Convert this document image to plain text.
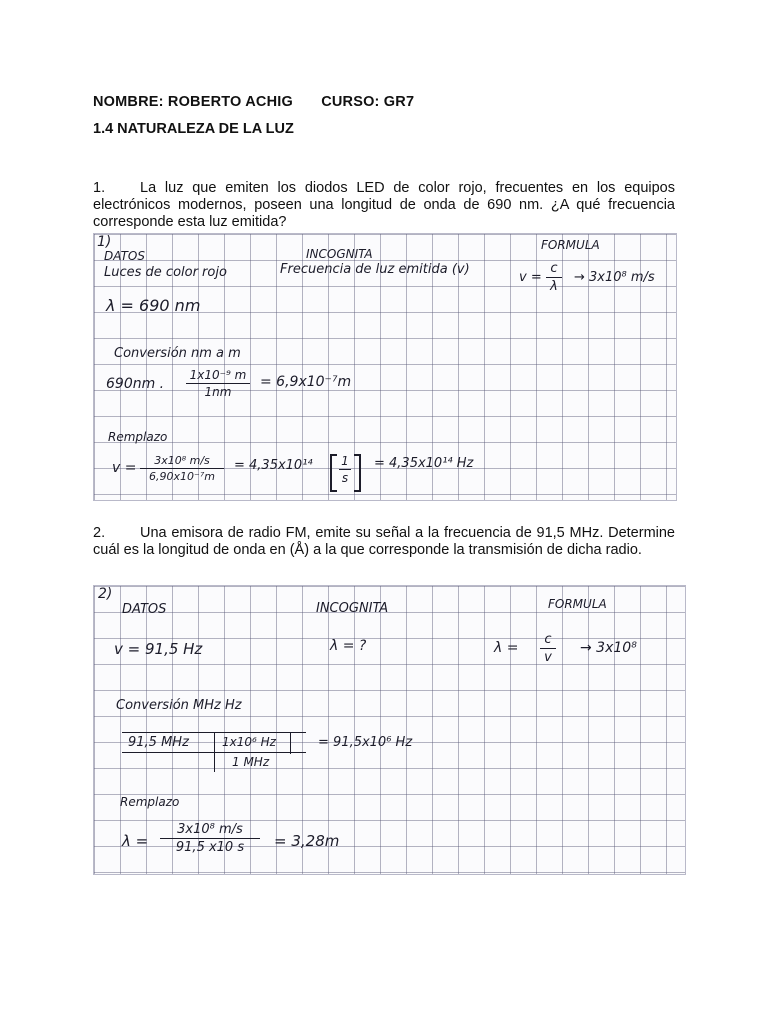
NOMBRE: ROBERTO ACHIG CURSO: GR7
1.4 NATURALEZA DE LA LUZ
1. La luz que emiten los diodos LED de color rojo, frecuentes en los equipos electrónicos modernos, poseen una longitud de onda de 690 nm. ¿A qué frecuencia corresponde esta luz emitida?
1)
DATOS
Luces de color rojo
λ = 690 nm
INCOGNITA
Frecuencia de luz emitida (v)
FORMULA
v =
c
λ
→ 3x10⁸ m/s
Conversión nm a m
690nm .
1x10⁻⁹ m
1nm
= 6,9x10⁻⁷m
Remplazo
v =	3x10⁸ m/s
6,90x10⁻⁷m
= 4,35x10¹⁴ 1
s
= 4,35x10¹⁴ Hz
2. Una emisora de radio FM, emite su señal a la frecuencia de 91,5 MHz. Determine cuál es la longitud de onda en (Å) a la que corresponde la transmisión de dicha radio.
2)
DATOS
v = 91,5 Hz
INCOGNITA
λ = ?
FORMULA
λ =
c
v
→ 3x10⁸
Conversión MHz Hz
91,5 MHz	1x10⁶ Hz
1 MHz
= 91,5x10⁶ Hz
Remplazo
λ =
3x10⁸ m/s
91,5 x10 s	= 3,28m
